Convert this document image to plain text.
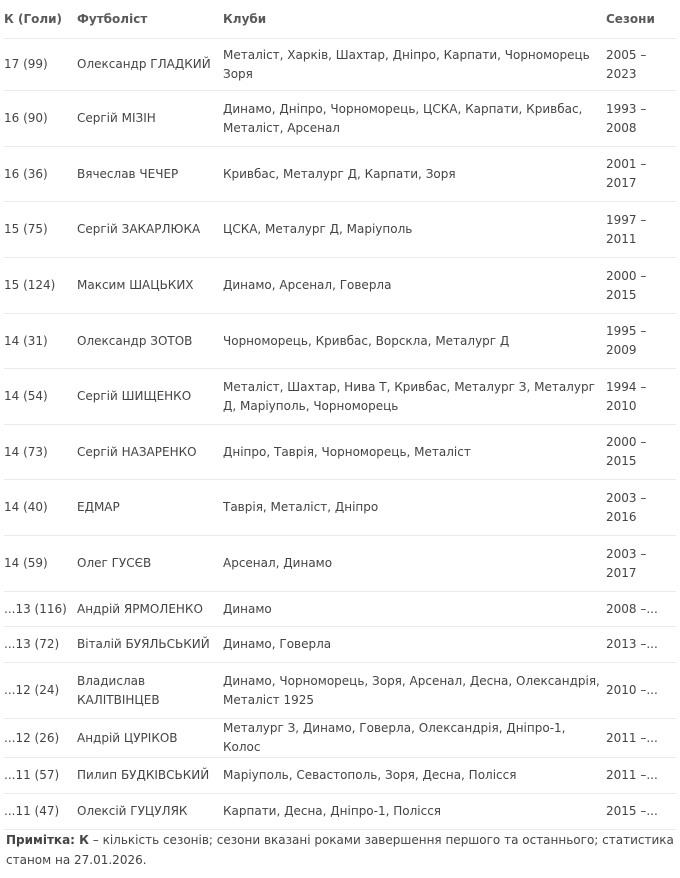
К (Голи)	Футболіст	Клуби	Сезони
17 (99)	Олександр ГЛАДКИЙ	Металіст, Харків, Шахтар, Дніпро, Карпати, Чорноморець Зоря	2005 – 2023
16 (90)	Сергій МІЗІН	Динамо, Дніпро, Чорноморець, ЦСКА, Карпати, Кривбас, Металіст, Арсенал	1993 – 2008
16 (36)	Вячеслав ЧЕЧЕР	Кривбас, Металург Д, Карпати, Зоря	2001 – 2017
15 (75)	Сергій ЗАКАРЛЮКА	ЦСКА, Металург Д, Маріуполь	1997 – 2011
15 (124)	Максим ШАЦЬКИХ	Динамо, Арсенал, Говерла	2000 – 2015
14 (31)	Олександр ЗОТОВ	Чорноморець, Кривбас, Ворскла, Металург Д	1995 – 2009
14 (54)	Сергій ШИЩЕНКО	Металіст, Шахтар, Нива Т, Кривбас, Металург З, Металург Д, Маріуполь, Чорноморець	1994 – 2010
14 (73)	Сергій НАЗАРЕНКО	Дніпро, Таврія, Чорноморець, Металіст	2000 – 2015
14 (40)	ЕДМАР	Таврія, Металіст, Дніпро	2003 – 2016
14 (59)	Олег ГУСЄВ	Арсенал, Динамо	2003 – 2017
...13 (116)	Андрій ЯРМОЛЕНКО	Динамо	2008 –...
...13 (72)	Віталій БУЯЛЬСЬКИЙ	Динамо, Говерла	2013 –...
...12 (24)	Владислав КАЛІТВІНЦЕВ	Динамо, Чорноморець, Зоря, Арсенал, Десна, Олександрія, Металіст 1925	2010 –...
...12 (26)	Андрій ЦУРІКОВ	Металург З, Динамо, Говерла, Олександрія, Дніпро-1, Колос	2011 –...
...11 (57)	Пилип БУДКІВСЬКИЙ	Маріуполь, Севастополь, Зоря, Десна, Полісся	2011 –...
...11 (47)	Олексій ГУЦУЛЯК	Карпати, Десна, Дніпро-1, Полісся	2015 –...
Примітка: К – кількість сезонів; сезони вказані роками завершення першого та останнього; статистика станом на 27.01.2026.
